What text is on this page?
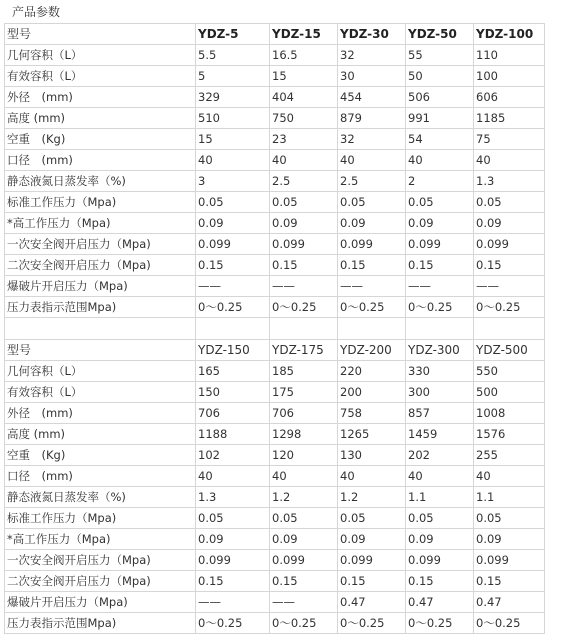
产品参数
型号	YDZ-5	YDZ-15	YDZ-30	YDZ-50	YDZ-100
几何容积（L）	5.5	16.5	32	55	110
有效容积（L）	5	15	30	50	100
外径　(mm)	329	404	454	506	606
高度 (mm)	510	750	879	991	1185
空重　(Kg)	15	23	32	54	75
口径　(mm)	40	40	40	40	40
静态液氮日蒸发率（%)	3	2.5	2.5	2	1.3
标准工作压力（Mpa)	0.05	0.05	0.05	0.05	0.05
*高工作压力（Mpa)	0.09	0.09	0.09	0.09	0.09
一次安全阀开启压力（Mpa)	0.099	0.099	0.099	0.099	0.099
二次安全阀开启压力（Mpa)	0.15	0.15	0.15	0.15	0.15
爆破片开启压力（Mpa)	——	——	——	——	——
压力表指示范围Mpa)	0～0.25	0～0.25	0～0.25	0～0.25	0～0.25

型号	YDZ-150	YDZ-175	YDZ-200	YDZ-300	YDZ-500
几何容积（L）	165	185	220	330	550
有效容积（L）	150	175	200	300	500
外径　(mm)	706	706	758	857	1008
高度 (mm)	1188	1298	1265	1459	1576
空重　(Kg)	102	120	130	202	255
口径　(mm)	40	40	40	40	40
静态液氮日蒸发率（%)	1.3	1.2	1.2	1.1	1.1
标准工作压力（Mpa)	0.05	0.05	0.05	0.05	0.05
*高工作压力（Mpa)	0.09	0.09	0.09	0.09	0.09
一次安全阀开启压力（Mpa)	0.099	0.099	0.099	0.099	0.099
二次安全阀开启压力（Mpa)	0.15	0.15	0.15	0.15	0.15
爆破片开启压力（Mpa)	——	——	0.47	0.47	0.47
压力表指示范围Mpa)	0～0.25	0～0.25	0～0.25	0～0.25	0～0.25
